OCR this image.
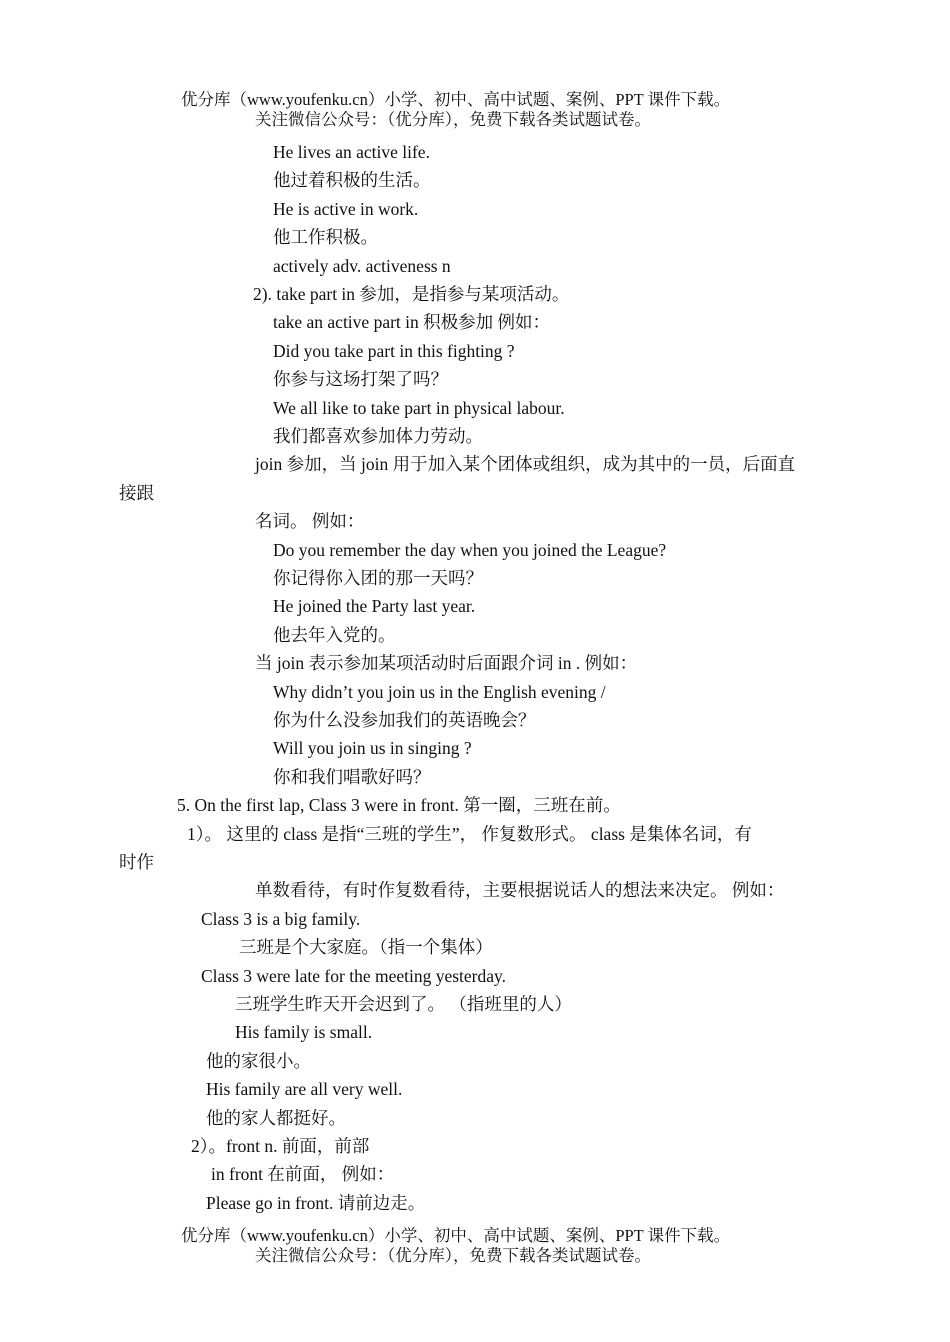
优分库（www.youfenku.cn）小学、初中、高中试题、案例、PPT 课件下载。
关注微信公众号：（优分库），免费下载各类试题试卷。
He lives an active life.
他过着积极的生活。
He is active in work.
他工作积极。
actively adv. activeness n
2). take part in 参加，是指参与某项活动。
take an active part in 积极参加 例如：
Did you take part in this fighting ?
你参与这场打架了吗？
We all like to take part in physical labour.
我们都喜欢参加体力劳动。
join 参加，当 join 用于加入某个团体或组织，成为其中的一员，后面直
接跟
名词。 例如：
Do you remember the day when you joined the League?
你记得你入团的那一天吗？
He joined the Party last year.
他去年入党的。
当 join 表示参加某项活动时后面跟介词 in . 例如：
Why didn’t you join us in the English evening /
你为什么没参加我们的英语晚会？
Will you join us in singing ?
你和我们唱歌好吗？
5. On the first lap, Class 3 were in front. 第一圈，三班在前。
1）。 这里的 class 是指“三班的学生”， 作复数形式。 class 是集体名词，有
时作
单数看待，有时作复数看待，主要根据说话人的想法来决定。 例如：
Class 3 is a big family.
三班是个大家庭。（指一个集体）
Class 3 were late for the meeting yesterday.
三班学生昨天开会迟到了。 （指班里的人）
His family is small.
他的家很小。
His family are all very well.
他的家人都挺好。
2）。front n. 前面，前部
in front 在前面， 例如：
Please go in front. 请前边走。
优分库（www.youfenku.cn）小学、初中、高中试题、案例、PPT 课件下载。
关注微信公众号：（优分库），免费下载各类试题试卷。
